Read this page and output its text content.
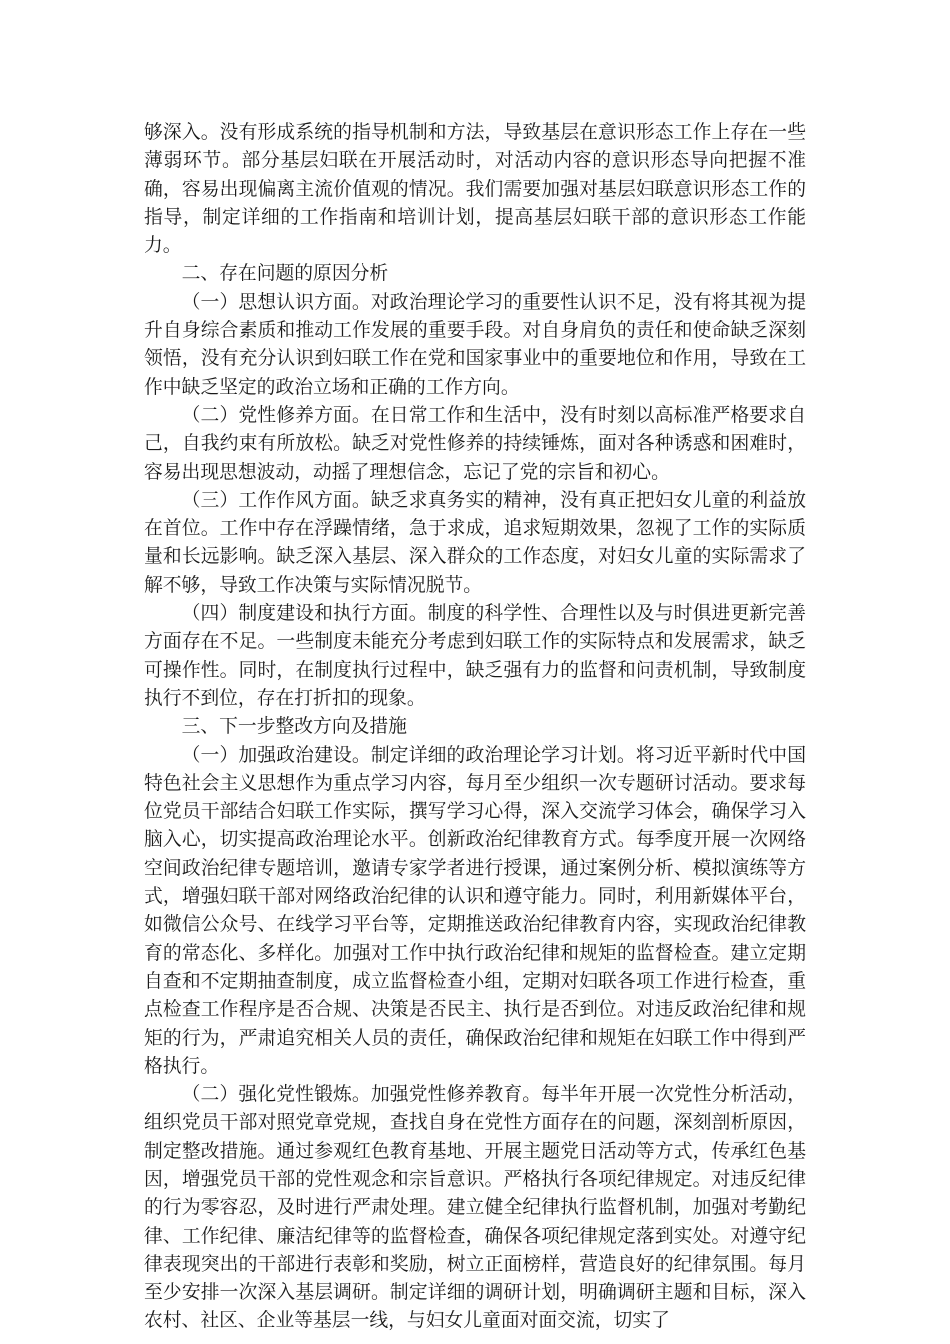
够深入。没有形成系统的指导机制和方法，导致基层在意识形态工作上存在一些薄弱环节。部分基层妇联在开展活动时，对活动内容的意识形态导向把握不准确，容易出现偏离主流价值观的情况。我们需要加强对基层妇联意识形态工作的指导，制定详细的工作指南和培训计划，提高基层妇联干部的意识形态工作能力。

二、存在问题的原因分析

（一）思想认识方面。对政治理论学习的重要性认识不足，没有将其视为提升自身综合素质和推动工作发展的重要手段。对自身肩负的责任和使命缺乏深刻领悟，没有充分认识到妇联工作在党和国家事业中的重要地位和作用，导致在工作中缺乏坚定的政治立场和正确的工作方向。

（二）党性修养方面。在日常工作和生活中，没有时刻以高标准严格要求自己，自我约束有所放松。缺乏对党性修养的持续锤炼，面对各种诱惑和困难时，容易出现思想波动，动摇了理想信念，忘记了党的宗旨和初心。

（三）工作作风方面。缺乏求真务实的精神，没有真正把妇女儿童的利益放在首位。工作中存在浮躁情绪，急于求成，追求短期效果，忽视了工作的实际质量和长远影响。缺乏深入基层、深入群众的工作态度，对妇女儿童的实际需求了解不够，导致工作决策与实际情况脱节。

（四）制度建设和执行方面。制度的科学性、合理性以及与时俱进更新完善方面存在不足。一些制度未能充分考虑到妇联工作的实际特点和发展需求，缺乏可操作性。同时，在制度执行过程中，缺乏强有力的监督和问责机制，导致制度执行不到位，存在打折扣的现象。

三、下一步整改方向及措施

（一）加强政治建设。制定详细的政治理论学习计划。将习近平新时代中国特色社会主义思想作为重点学习内容，每月至少组织一次专题研讨活动。要求每位党员干部结合妇联工作实际，撰写学习心得，深入交流学习体会，确保学习入脑入心，切实提高政治理论水平。创新政治纪律教育方式。每季度开展一次网络空间政治纪律专题培训，邀请专家学者进行授课，通过案例分析、模拟演练等方式，增强妇联干部对网络政治纪律的认识和遵守能力。同时，利用新媒体平台，如微信公众号、在线学习平台等，定期推送政治纪律教育内容，实现政治纪律教育的常态化、多样化。加强对工作中执行政治纪律和规矩的监督检查。建立定期自查和不定期抽查制度，成立监督检查小组，定期对妇联各项工作进行检查，重点检查工作程序是否合规、决策是否民主、执行是否到位。对违反政治纪律和规矩的行为，严肃追究相关人员的责任，确保政治纪律和规矩在妇联工作中得到严格执行。

（二）强化党性锻炼。加强党性修养教育。每半年开展一次党性分析活动，组织党员干部对照党章党规，查找自身在党性方面存在的问题，深刻剖析原因，制定整改措施。通过参观红色教育基地、开展主题党日活动等方式，传承红色基因，增强党员干部的党性观念和宗旨意识。严格执行各项纪律规定。对违反纪律的行为零容忍，及时进行严肃处理。建立健全纪律执行监督机制，加强对考勤纪律、工作纪律、廉洁纪律等的监督检查，确保各项纪律规定落到实处。对遵守纪律表现突出的干部进行表彰和奖励，树立正面榜样，营造良好的纪律氛围。每月至少安排一次深入基层调研。制定详细的调研计划，明确调研主题和目标，深入农村、社区、企业等基层一线，与妇女儿童面对面交流，切实了
